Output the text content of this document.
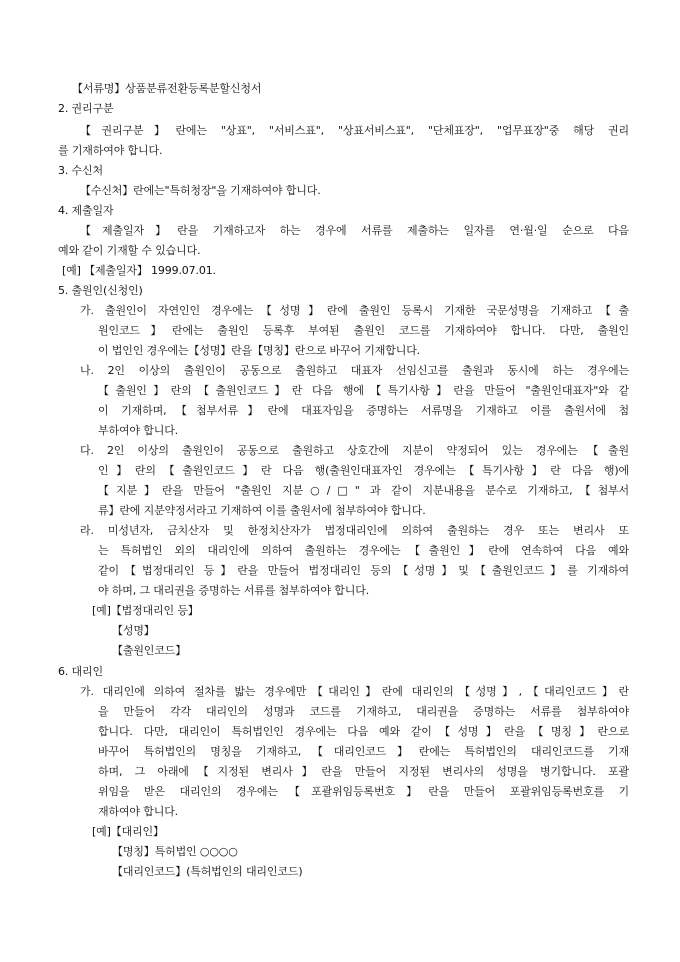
【서류명】상품분류전환등록분할신청서
2. 권리구분
【권리구분】란에는 "상표", "서비스표", "상표서비스표", "단체표장", "업무표장"중 해당 권리
를 기재하여야 합니다.
3. 수신처
【수신처】란에는"특허청장"을 기재하여야 합니다.
4. 제출일자
【제출일자】란을 기재하고자 하는 경우에 서류를 제출하는 일자를 연·월·일 순으로 다음
예와 같이 기재할 수 있습니다.
[예] 【제출일자】 1999.07.01.
5. 출원인(신청인)
가. 출원인이 자연인인 경우에는【성명】란에 출원인 등록시 기재한 국문성명을 기재하고【출
원인코드】란에는 출원인 등록후 부여된 출원인 코드를 기재하여야 합니다. 다만, 출원인
이 법인인 경우에는【성명】란을【명칭】란으로 바꾸어 기재합니다.
나. 2인 이상의 출원인이 공동으로 출원하고 대표자 선임신고를 출원과 동시에 하는 경우에는
【출원인】란의【출원인코드】란 다음 행에【특기사항】란을 만들어 "출원인대표자"와 같
이 기재하며,【첨부서류】란에 대표자임을 증명하는 서류명을 기재하고 이를 출원서에 첨
부하여야 합니다.
다. 2인 이상의 출원인이 공동으로 출원하고 상호간에 지분이 약정되어 있는 경우에는【출원
인】란의【출원인코드】란 다음 행(출원인대표자인 경우에는【특기사항】란 다음 행)에
【지분】란을 만들어 "출원인 지분○/□" 과 같이 지분내용을 분수로 기재하고,【첨부서
류】란에 지분약정서라고 기재하여 이를 출원서에 첨부하여야 합니다.
라. 미성년자, 금치산자 및 한정치산자가 법정대리인에 의하여 출원하는 경우 또는 변리사 또
는 특허법인 외의 대리인에 의하여 출원하는 경우에는【출원인】란에 연속하여 다음 예와
같이【법정대리인 등】란을 만들어 법정대리인 등의【성명】및【출원인코드】를 기재하여
야 하며, 그 대리권을 증명하는 서류를 첨부하여야 합니다.
[예]【법정대리인 등】
【성명】
【출원인코드】
6. 대리인
가. 대리인에 의하여 절차를 밟는 경우에만【대리인】란에 대리인의【성명】,【대리인코드】란
을 만들어 각각 대리인의 성명과 코드를 기재하고, 대리권을 증명하는 서류를 첨부하여야
합니다. 다만, 대리인이 특허법인인 경우에는 다음 예와 같이【성명】란을【명칭】란으로
바꾸어 특허법인의 명칭을 기재하고,【대리인코드】란에는 특허법인의 대리인코드를 기재
하며, 그 아래에【지정된 변리사】란을 만들어 지정된 변리사의 성명을 병기합니다. 포괄
위임을 받은 대리인의 경우에는【포괄위임등록번호】란을 만들어 포괄위임등록번호를 기
재하여야 합니다.
[예]【대리인】
【명칭】특허법인 ○○○○
【대리인코드】(특허법인의 대리인코드)
